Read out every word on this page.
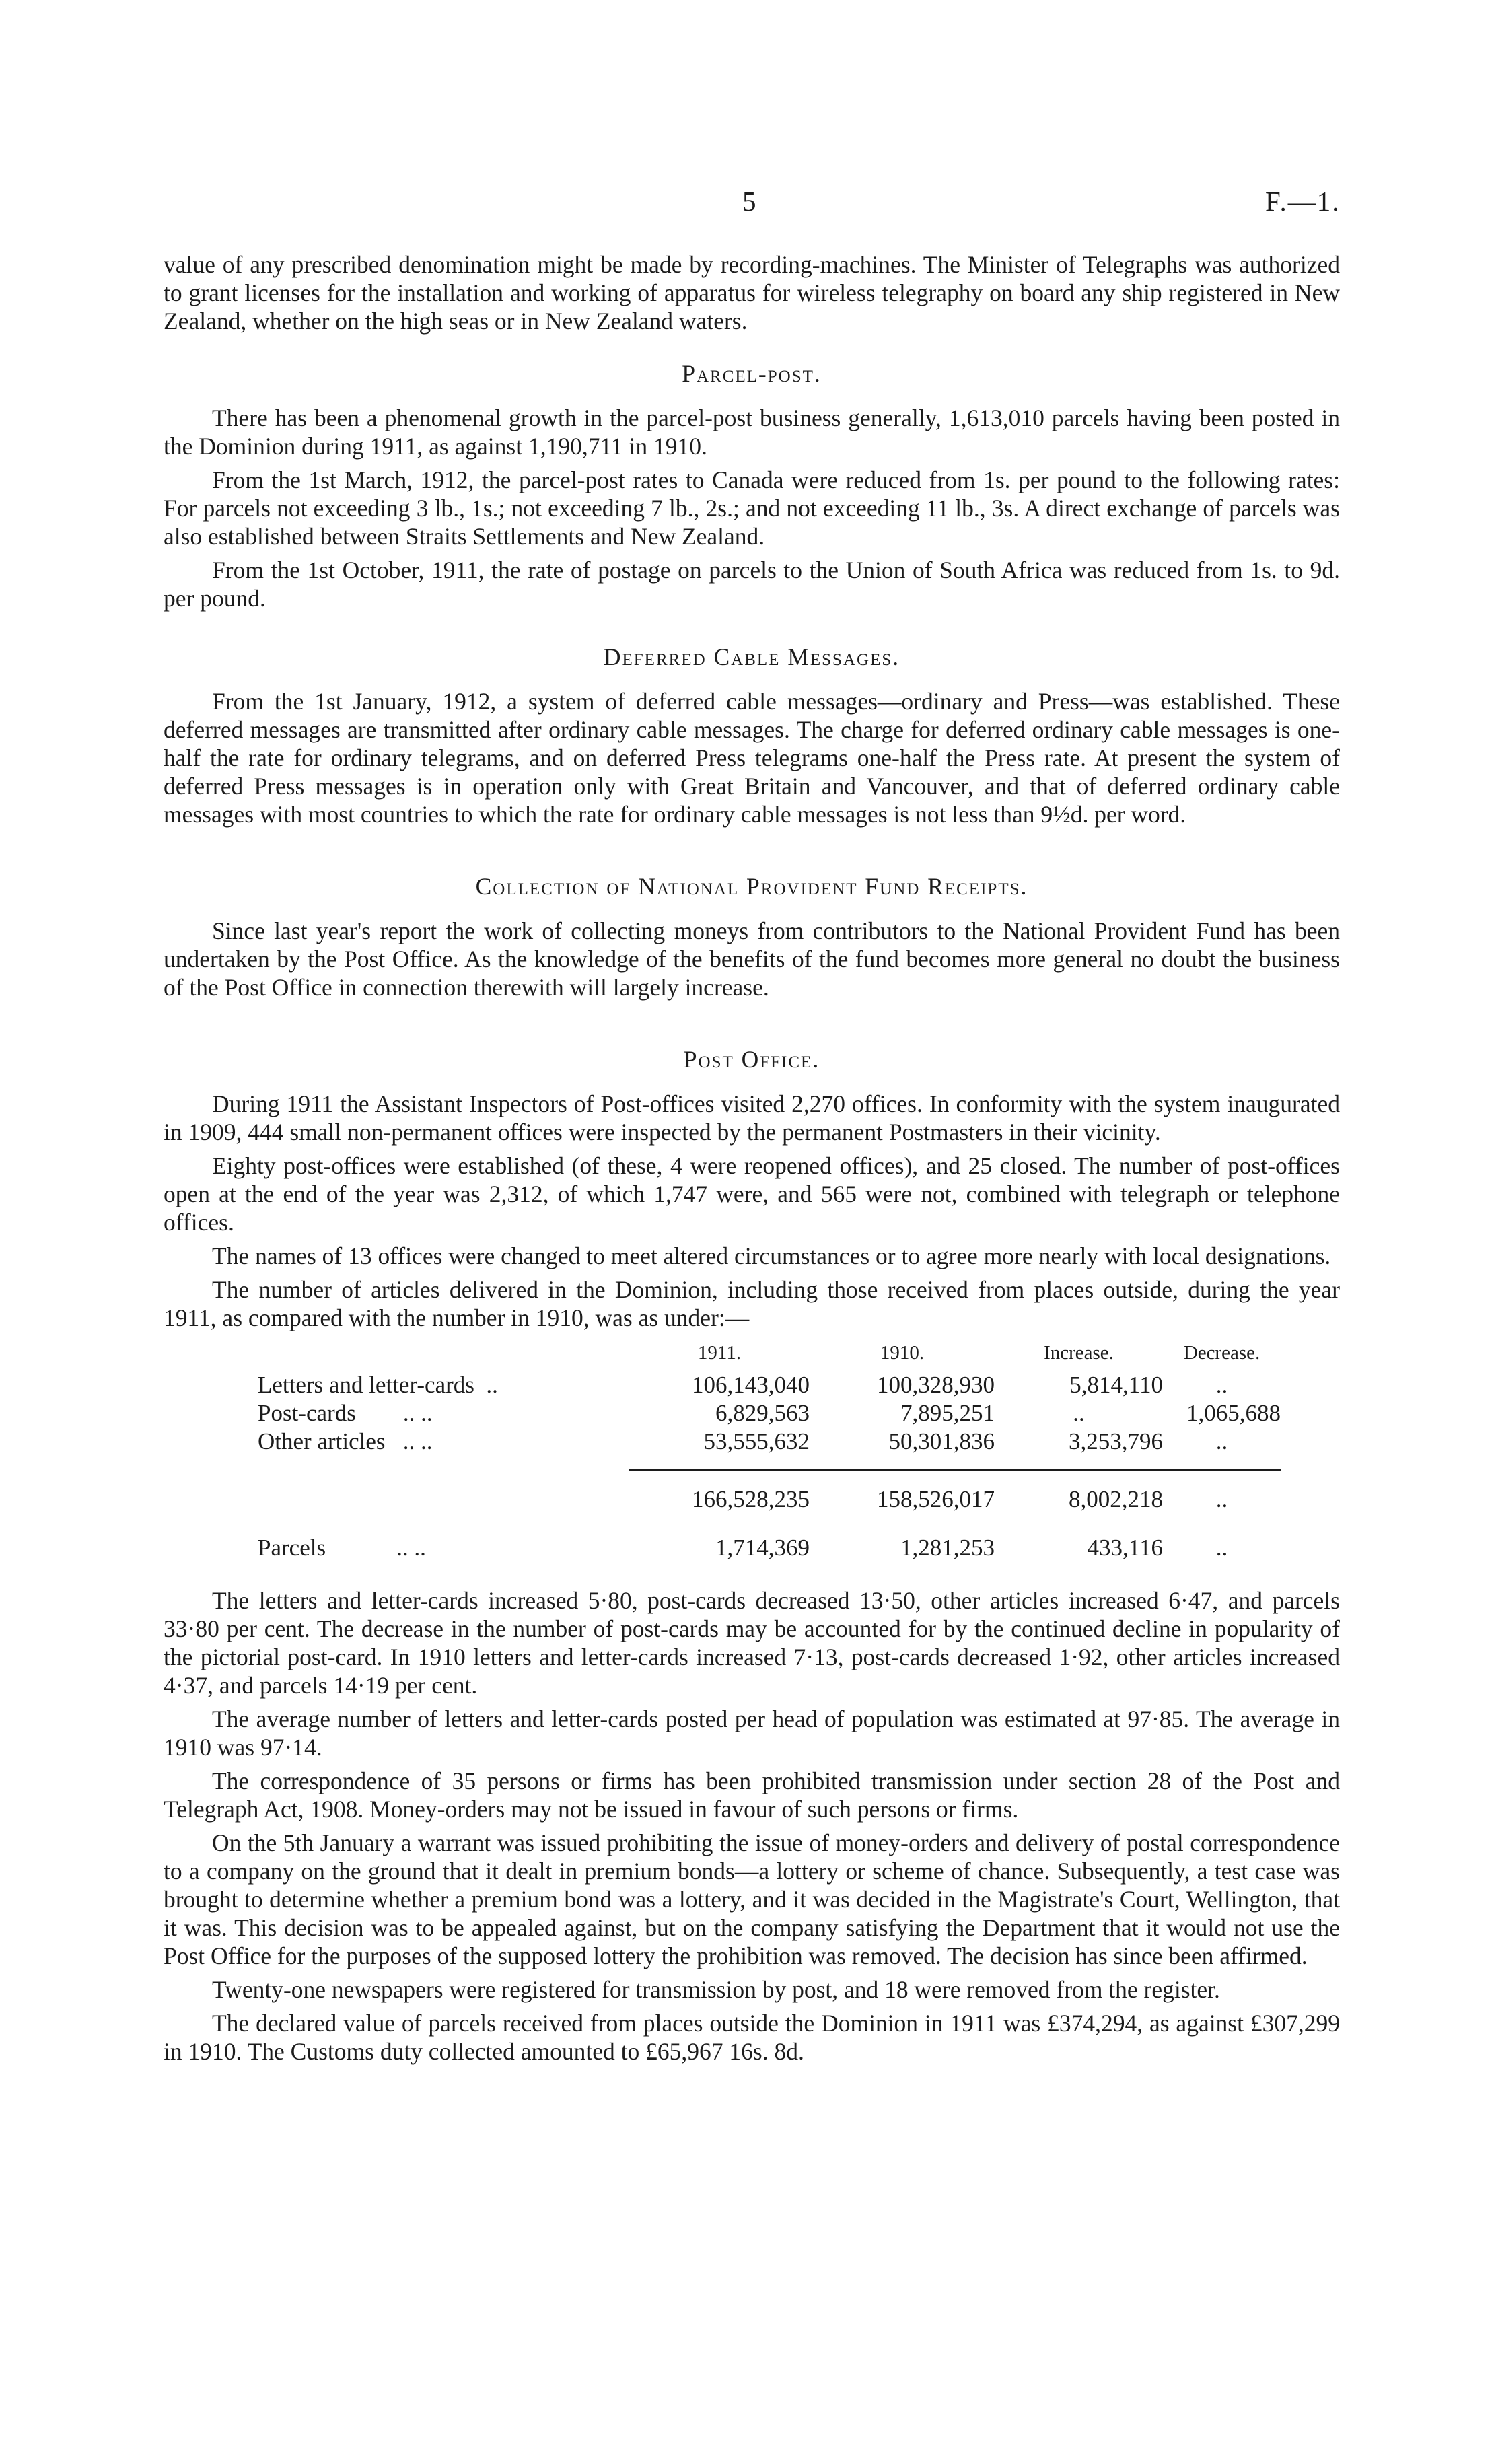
5	F.—1.

value of any prescribed denomination might be made by recording-machines. The Minister of Telegraphs was authorized to grant licenses for the installation and working of apparatus for wireless telegraphy on board any ship registered in New Zealand, whether on the high seas or in New Zealand waters.

Parcel-post.

There has been a phenomenal growth in the parcel-post business generally, 1,613,010 parcels having been posted in the Dominion during 1911, as against 1,190,711 in 1910.

From the 1st March, 1912, the parcel-post rates to Canada were reduced from 1s. per pound to the following rates: For parcels not exceeding 3 lb., 1s.; not exceeding 7 lb., 2s.; and not exceeding 11 lb., 3s. A direct exchange of parcels was also established between Straits Settlements and New Zealand.

From the 1st October, 1911, the rate of postage on parcels to the Union of South Africa was reduced from 1s. to 9d. per pound.

Deferred Cable Messages.

From the 1st January, 1912, a system of deferred cable messages—ordinary and Press—was established. These deferred messages are transmitted after ordinary cable messages. The charge for deferred ordinary cable messages is one-half the rate for ordinary telegrams, and on deferred Press telegrams one-half the Press rate. At present the system of deferred Press messages is in operation only with Great Britain and Vancouver, and that of deferred ordinary cable messages with most countries to which the rate for ordinary cable messages is not less than 9½d. per word.

Collection of National Provident Fund Receipts.

Since last year's report the work of collecting moneys from contributors to the National Provident Fund has been undertaken by the Post Office. As the knowledge of the benefits of the fund becomes more general no doubt the business of the Post Office in connection therewith will largely increase.

Post Office.

During 1911 the Assistant Inspectors of Post-offices visited 2,270 offices. In conformity with the system inaugurated in 1909, 444 small non-permanent offices were inspected by the permanent Postmasters in their vicinity.

Eighty post-offices were established (of these, 4 were reopened offices), and 25 closed. The number of post-offices open at the end of the year was 2,312, of which 1,747 were, and 565 were not, combined with telegraph or telephone offices.

The names of 13 offices were changed to meet altered circumstances or to agree more nearly with local designations.

The number of articles delivered in the Dominion, including those received from places outside, during the year 1911, as compared with the number in 1910, was as under:—

	1911.	1910.	Increase.	Decrease.
Letters and letter-cards ..	106,143,040	100,328,930	5,814,110	..
Post-cards .. ..	6,829,563	7,895,251	..	1,065,688
Other articles .. ..	53,555,632	50,301,836	3,253,796	..

	166,528,235	158,526,017	8,002,218	..
Parcels .. ..	1,714,369	1,281,253	433,116	..

The letters and letter-cards increased 5·80, post-cards decreased 13·50, other articles increased 6·47, and parcels 33·80 per cent. The decrease in the number of post-cards may be accounted for by the continued decline in popularity of the pictorial post-card. In 1910 letters and letter-cards increased 7·13, post-cards decreased 1·92, other articles increased 4·37, and parcels 14·19 per cent.

The average number of letters and letter-cards posted per head of population was estimated at 97·85. The average in 1910 was 97·14.

The correspondence of 35 persons or firms has been prohibited transmission under section 28 of the Post and Telegraph Act, 1908. Money-orders may not be issued in favour of such persons or firms.

On the 5th January a warrant was issued prohibiting the issue of money-orders and delivery of postal correspondence to a company on the ground that it dealt in premium bonds—a lottery or scheme of chance. Subsequently, a test case was brought to determine whether a premium bond was a lottery, and it was decided in the Magistrate's Court, Wellington, that it was. This decision was to be appealed against, but on the company satisfying the Department that it would not use the Post Office for the purposes of the supposed lottery the prohibition was removed. The decision has since been affirmed.

Twenty-one newspapers were registered for transmission by post, and 18 were removed from the register.

The declared value of parcels received from places outside the Dominion in 1911 was £374,294, as against £307,299 in 1910. The Customs duty collected amounted to £65,967 16s. 8d.
